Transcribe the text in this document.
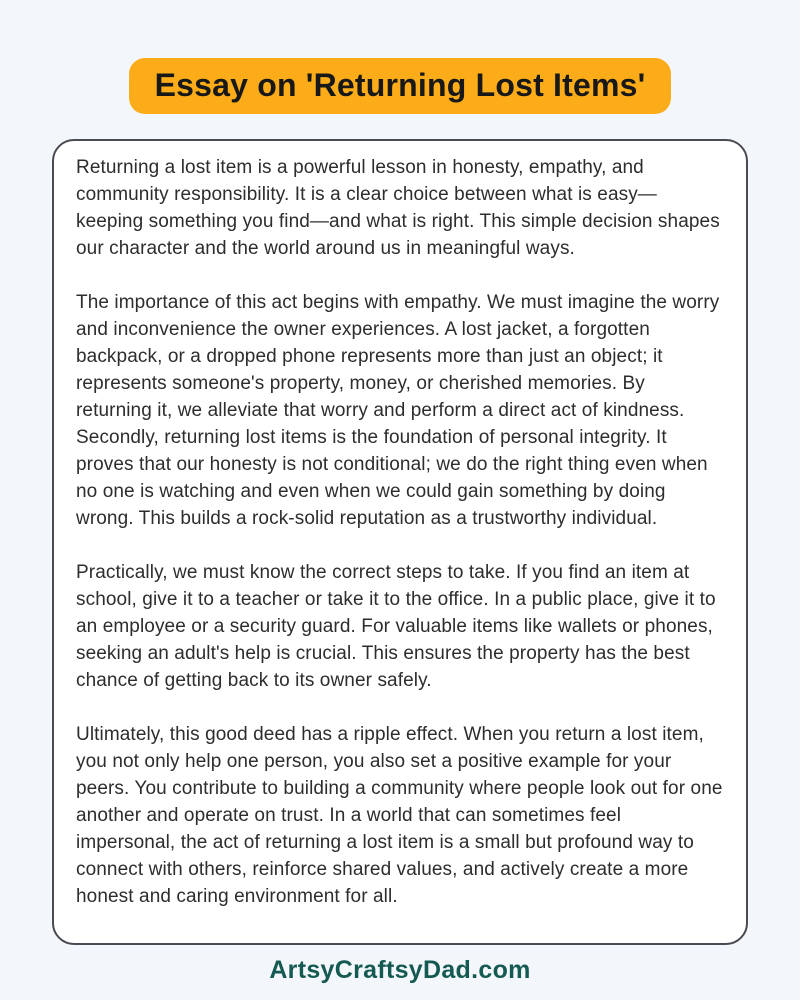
Essay on 'Returning Lost Items'

Returning a lost item is a powerful lesson in honesty, empathy, and community responsibility. It is a clear choice between what is easy—keeping something you find—and what is right. This simple decision shapes our character and the world around us in meaningful ways.

The importance of this act begins with empathy. We must imagine the worry and inconvenience the owner experiences. A lost jacket, a forgotten backpack, or a dropped phone represents more than just an object; it represents someone's property, money, or cherished memories. By returning it, we alleviate that worry and perform a direct act of kindness. Secondly, returning lost items is the foundation of personal integrity. It proves that our honesty is not conditional; we do the right thing even when no one is watching and even when we could gain something by doing wrong. This builds a rock-solid reputation as a trustworthy individual.

Practically, we must know the correct steps to take. If you find an item at school, give it to a teacher or take it to the office. In a public place, give it to an employee or a security guard. For valuable items like wallets or phones, seeking an adult's help is crucial. This ensures the property has the best chance of getting back to its owner safely.

Ultimately, this good deed has a ripple effect. When you return a lost item, you not only help one person, you also set a positive example for your peers. You contribute to building a community where people look out for one another and operate on trust. In a world that can sometimes feel impersonal, the act of returning a lost item is a small but profound way to connect with others, reinforce shared values, and actively create a more honest and caring environment for all.

ArtsyCraftsyDad.com
